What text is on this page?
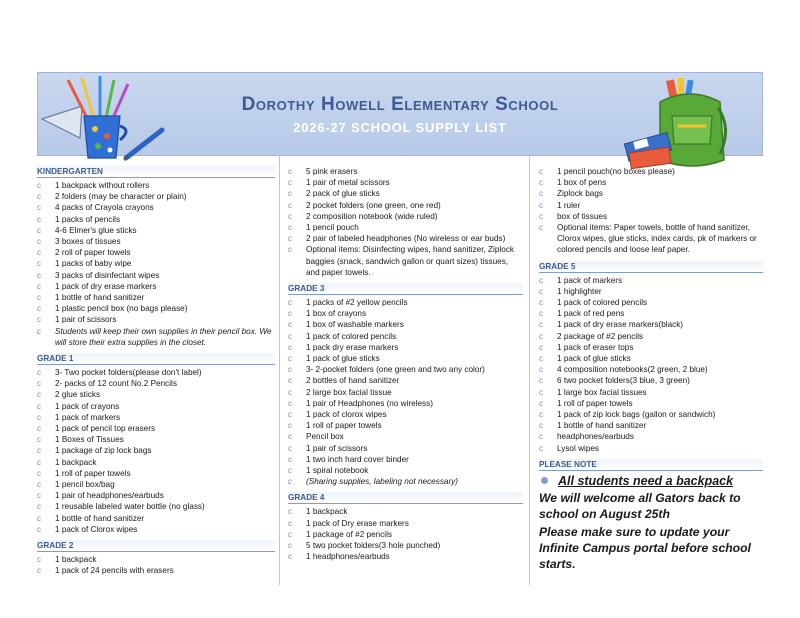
Dorothy Howell Elementary School
2026-27 SCHOOL SUPPLY LIST
KINDERGARTEN
c 1 backpack without rollers
c 2 folders (may be character or plain)
c 4 packs of Crayola crayons
c 1 packs of pencils
c 4-6 Elmer's glue sticks
c 3 boxes of tissues
c 2 roll of paper towels
c 1 packs of baby wipe
c 3 packs of disinfectant wipes
c 1 pack of dry erase markers
c 1 bottle of hand sanitizer
c 1 plastic pencil box (no bags please)
c 1 pair of scissors
c Students will keep their own supplies in their pencil box. We will store their extra supplies in the closet.
GRADE 1
c 3- Two pocket folders(please don't label)
c 2- packs of 12 count No.2 Pencils
c 2 glue sticks
c 1 pack of crayons
c 1 pack of markers
c 1 pack of pencil top erasers
c 1 Boxes of Tissues
c 1 package of zip lock bags
c 1 backpack
c 1 roll of paper towels
c 1 pencil box/bag
c 1 pair of headphones/earbuds
c 1 reusable labeled water bottle (no glass)
c 1 bottle of hand sanitizer
c 1 pack of Clorox wipes
GRADE 2
c 1 backpack
c 1 pack of 24 pencils with erasers
c 5 pink erasers
c 1 pair of metal scissors
c 2 pack of glue sticks
c 2 pocket folders (one green, one red)
c 2 composition notebook (wide ruled)
c 1 pencil pouch
c 2 pair of labeled headphones (No wireless or ear buds)
c Optional items: Disinfecting wipes, hand sanitizer, Ziplock baggies (snack, sandwich gallon or quart sizes) tissues, and paper towels.
GRADE 3
c 1 packs of #2 yellow pencils
c 1 box of crayons
c 1 box of washable markers
c 1 pack of colored pencils
c 1 pack dry erase markers
c 1 pack of glue sticks
c 3- 2-pocket folders (one green and two any color)
c 2 bottles of hand sanitizer
c 2 large box facial tissue
c 1 pair of Headphones (no wireless)
c 1 pack of clorox wipes
c 1 roll of paper towels
c Pencil box
c 1 pair of scissors
c 1 two inch hard cover binder
c 1 spiral notebook
c (Sharing supplies, labeling not necessary)
GRADE 4
c 1 backpack
c 1 pack of Dry erase markers
c 1 package of #2 pencils
c 5 two pocket folders(3 hole punched)
c 1 headphones/earbuds
c 1 pencil pouch(no boxes please)
c 1 box of pens
c Ziplock bags
c 1 ruler
c box of tissues
c Optional items: Paper towels, bottle of hand sanitizer, Clorox wipes, glue sticks, index cards, pk of markers or colored pencils and loose leaf paper.
GRADE 5
c 1 pack of markers
c 1 highlighter
c 1 pack of colored pencils
c 1 pack of red pens
c 1 pack of dry erase markers(black)
c 2 package of #2 pencils
c 1 pack of eraser tops
c 1 pack of glue sticks
c 4 composition notebooks(2 green, 2 blue)
c 6 two pocket folders(3 blue, 3 green)
c 1 large box facial tissues
c 1 roll of paper towels
c 1 pack of zip lock bags (gallon or sandwich)
c 1 bottle of hand sanitizer
c headphones/earbuds
c Lysol wipes
PLEASE NOTE
All students need a backpack
We will welcome all Gators back to school on August 25th
Please make sure to update your Infinite Campus portal before school starts.
